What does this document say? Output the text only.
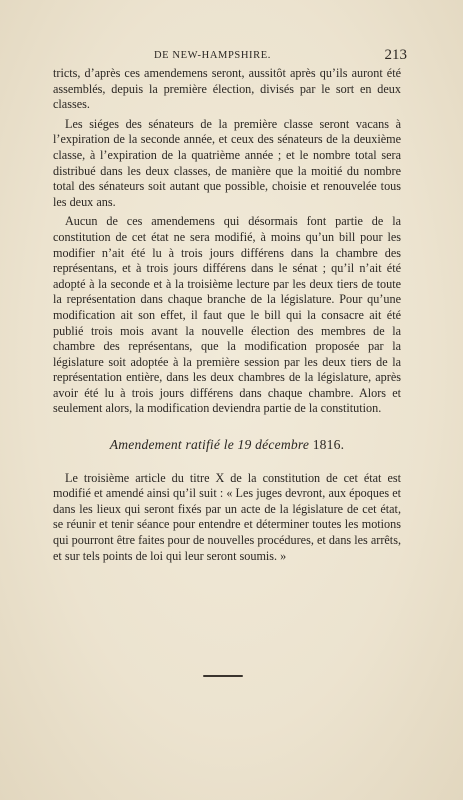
DE NEW-HAMPSHIRE.	213

tricts, d’après ces amendemens seront, aussitôt après qu’ils auront été assemblés, depuis la première élection, divisés par le sort en deux classes.

Les siéges des sénateurs de la première classe seront vacans à l’expiration de la seconde année, et ceux des sénateurs de la deuxième classe, à l’expiration de la quatrième année ; et le nombre total sera distribué dans les deux classes, de manière que la moitié du nombre total des sénateurs soit autant que possible, choisie et renouvelée tous les deux ans.

Aucun de ces amendemens qui désormais font partie de la constitution de cet état ne sera modifié, à moins qu’un bill pour les modifier n’ait été lu à trois jours différens dans la chambre des représentans, et à trois jours différens dans le sénat ; qu’il n’ait été adopté à la seconde et à la troisième lecture par les deux tiers de toute la représentation dans chaque branche de la législature. Pour qu’une modification ait son effet, il faut que le bill qui la consacre ait été publié trois mois avant la nouvelle élection des membres de la chambre des représentans, que la modification proposée par la législature soit adoptée à la première session par les deux tiers de la représentation entière, dans les deux chambres de la législature, après avoir été lu à trois jours différens dans chaque chambre. Alors et seulement alors, la modification deviendra partie de la constitution.

Amendement ratifié le 19 décembre 1816.

Le troisième article du titre X de la constitution de cet état est modifié et amendé ainsi qu’il suit : « Les juges devront, aux époques et dans les lieux qui seront fixés par un acte de la législature de cet état, se réunir et tenir séance pour entendre et déterminer toutes les motions qui pourront être faites pour de nouvelles procédures, et dans les arrêts, et sur tels points de loi qui leur seront soumis. »
